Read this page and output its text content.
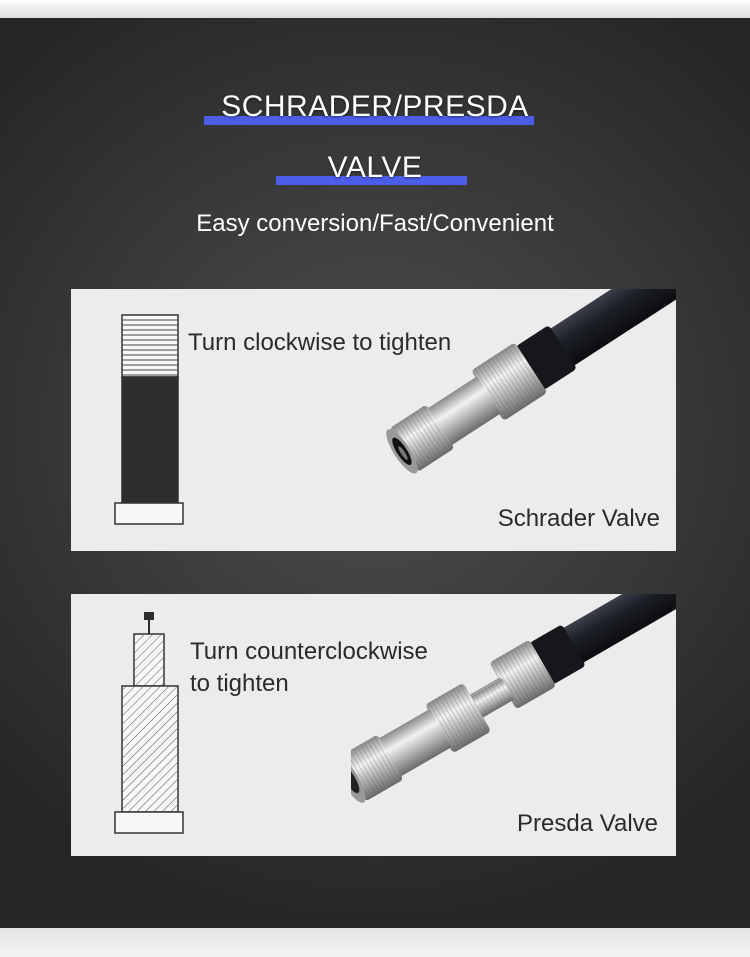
SCHRADER/PRESDA
VALVE
Easy conversion/Fast/Convenient
Turn clockwise to tighten
Schrader Valve
Turn counterclockwise
to tighten
Presda Valve
